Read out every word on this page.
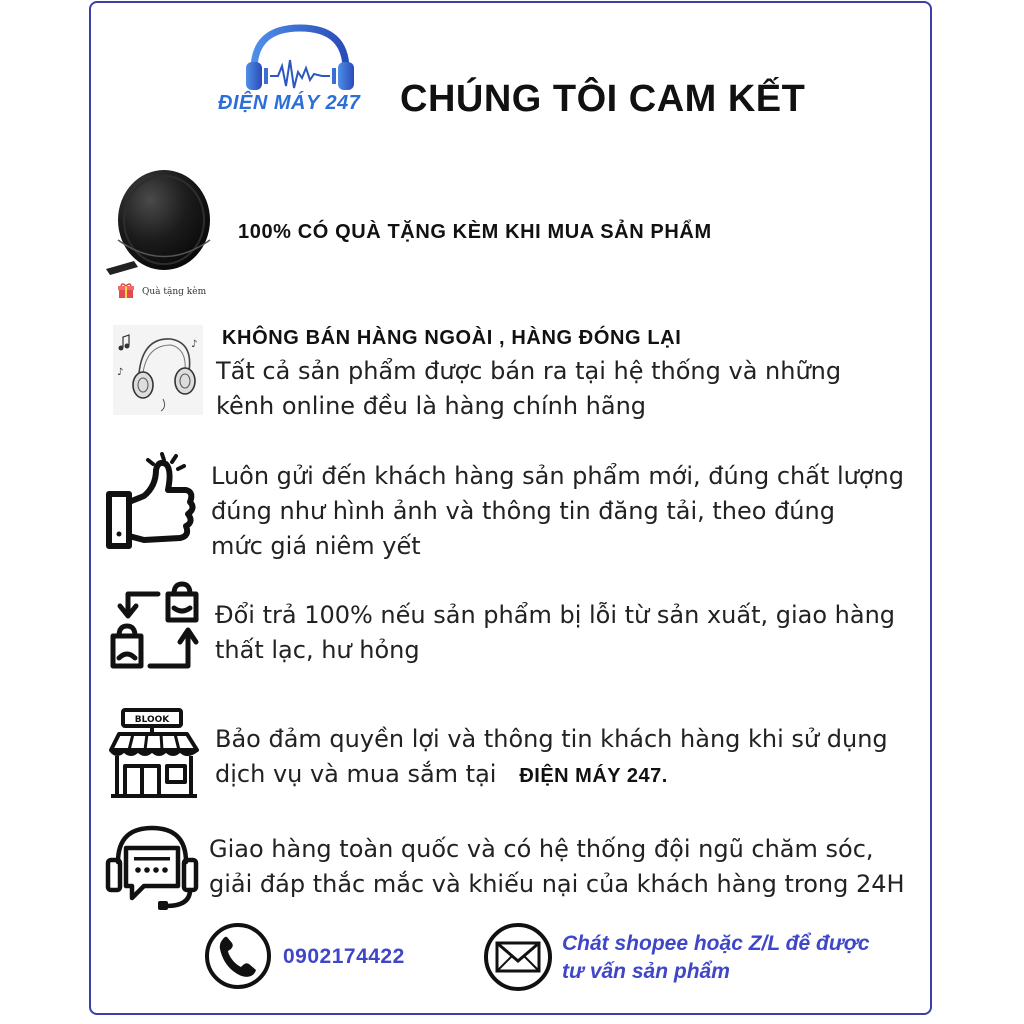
ĐIỆN MÁY 247 CHÚNG TÔI CAM KẾT
Quà tặng kèm
100% CÓ QUÀ TẶNG KÈM KHI MUA SẢN PHẨM
♪
♪ KHÔNG BÁN HÀNG NGOÀI , HÀNG ĐÓNG LẠI
Tất cả sản phẩm được bán ra tại hệ thống và những
kênh online đều là hàng chính hãng
Luôn gửi đến khách hàng sản phẩm mới, đúng chất lượng
đúng như hình ảnh và thông tin đăng tải, theo đúng
mức giá niêm yết
Đổi trả 100% nếu sản phẩm bị lỗi từ sản xuất, giao hàng
thất lạc, hư hỏng
BLOOK
Bảo đảm quyền lợi và thông tin khách hàng khi sử dụng
dịch vụ và mua sắm tại ĐIỆN MÁY 247.
Giao hàng toàn quốc và có hệ thống đội ngũ chăm sóc,
giải đáp thắc mắc và khiếu nại của khách hàng trong 24H
0902174422
Chát shopee hoặc Z/L để được
tư vấn sản phẩm
